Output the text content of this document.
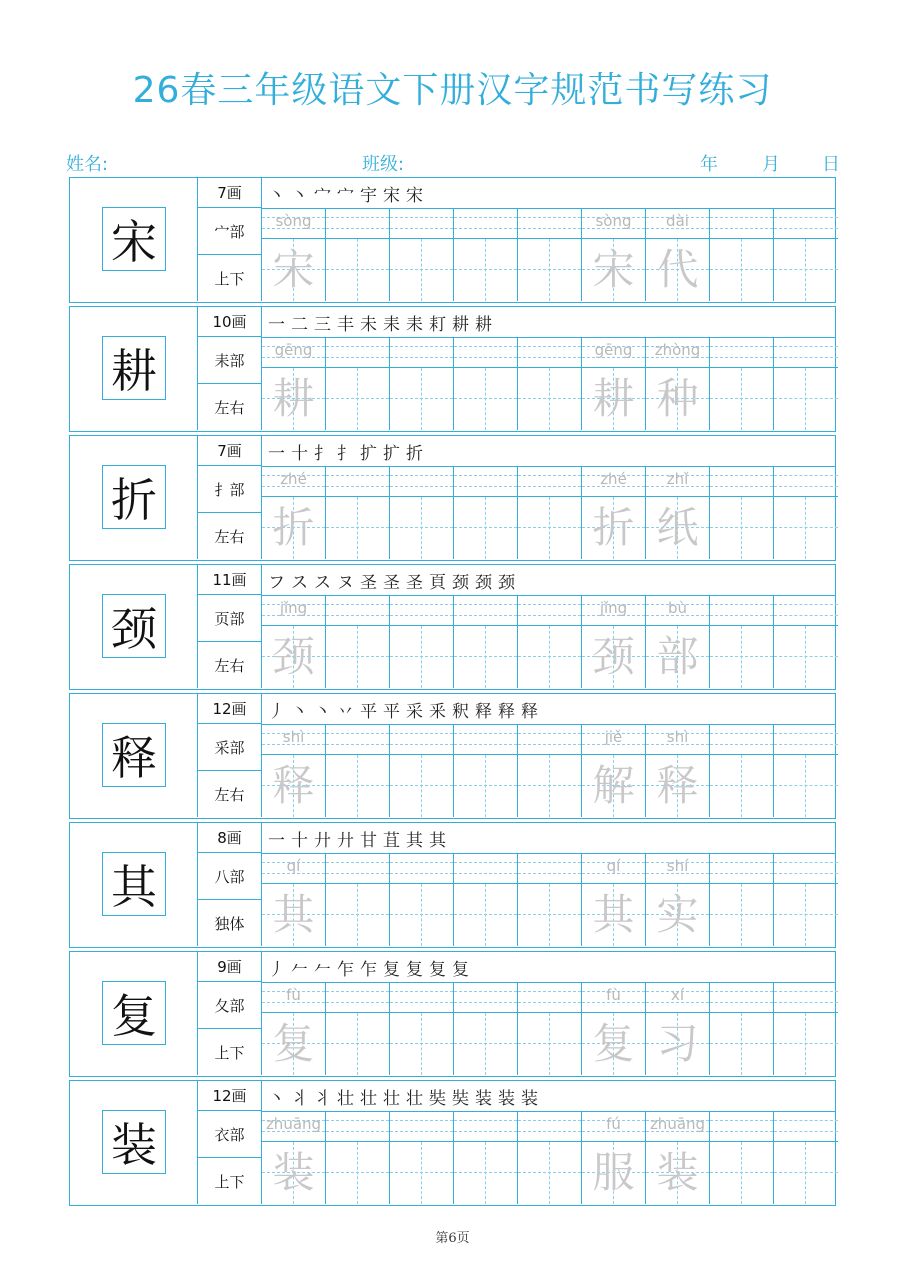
26春三年级语文下册汉字规范书写练习
姓名:	班级:	年 月 日
宋
7画
宀部
上下
丶 丶 宀 宀 宇 宋 宋
sòng
宋
sòng
宋
dài
代
耕
10画
耒部
左右
一 二 三 丰 未 耒 耒 耓 耕 耕
gēng
耕
gēng
耕
zhòng
种
折
7画
扌部
左右
一 十 扌 扌 扩 扩 折
zhé
折
zhé
折
zhǐ
纸
颈
11画
页部
左右
フ ス ス ヌ 圣 圣 圣 頁 颈 颈 颈
jǐng
颈
jǐng
颈
bù
部
释
12画
采部
左右
丿 丶 丶 丷 平 平 采 釆 釈 释 释 释
shì
释
jiě
解
shì
释
其
8画
八部
独体
一 十 廾 廾 甘 苴 其 其
qí
其
qí
其
shí
实
复
9画
夂部
上下
丿 𠂉 𠂉 乍 乍 复 复 复 复
fù
复
fù
复
xí
习
装
12画
衣部
上下
丶 丬 丬 壮 壮 壮 壮 奘 奘 装 装 装
zhuāng
装
fú
服
zhuāng
装
第6页
